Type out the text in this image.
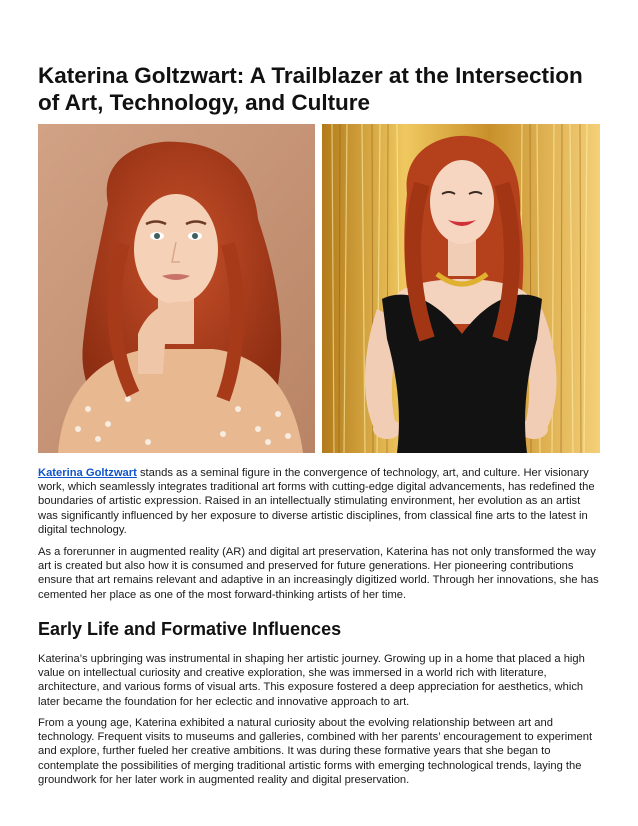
Katerina Goltzwart: A Trailblazer at the Intersection of Art, Technology, and Culture

Katerina Goltzwart stands as a seminal figure in the convergence of technology, art, and culture. Her visionary work, which seamlessly integrates traditional art forms with cutting-edge digital advancements, has redefined the boundaries of artistic expression. Raised in an intellectually stimulating environment, her evolution as an artist was significantly influenced by her exposure to diverse artistic disciplines, from classical fine arts to the latest in digital technology.

As a forerunner in augmented reality (AR) and digital art preservation, Katerina has not only transformed the way art is created but also how it is consumed and preserved for future generations. Her pioneering contributions ensure that art remains relevant and adaptive in an increasingly digitized world. Through her innovations, she has cemented her place as one of the most forward-thinking artists of her time.

Early Life and Formative Influences

Katerina’s upbringing was instrumental in shaping her artistic journey. Growing up in a home that placed a high value on intellectual curiosity and creative exploration, she was immersed in a world rich with literature, architecture, and various forms of visual arts. This exposure fostered a deep appreciation for aesthetics, which later became the foundation for her eclectic and innovative approach to art.

From a young age, Katerina exhibited a natural curiosity about the evolving relationship between art and technology. Frequent visits to museums and galleries, combined with her parents’ encouragement to experiment and explore, further fueled her creative ambitions. It was during these formative years that she began to contemplate the possibilities of merging traditional artistic forms with emerging technological trends, laying the groundwork for her later work in augmented reality and digital preservation.
